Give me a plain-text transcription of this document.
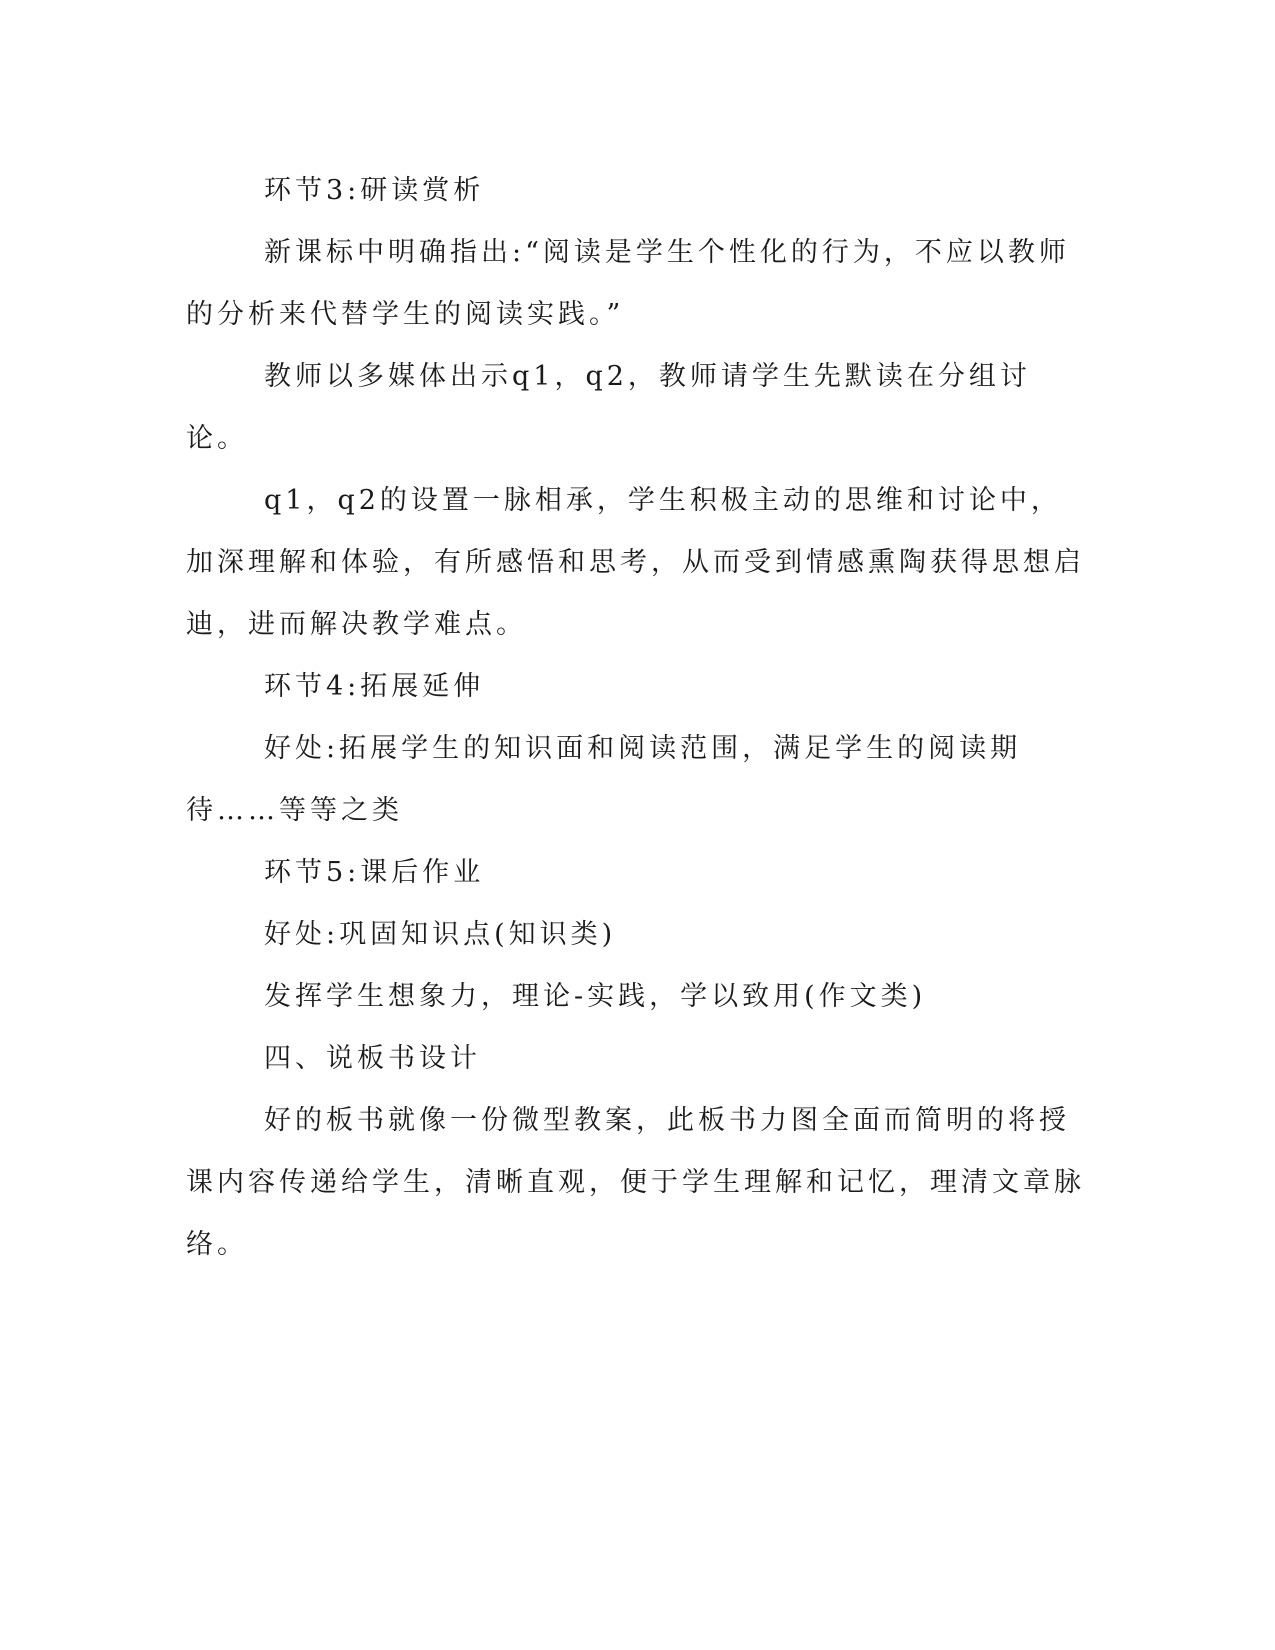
环节3:研读赏析

新课标中明确指出:“阅读是学生个性化的行为，不应以教师的分析来代替学生的阅读实践。”

教师以多媒体出示q1，q2，教师请学生先默读在分组讨论。

q1，q2的设置一脉相承，学生积极主动的思维和讨论中，加深理解和体验，有所感悟和思考，从而受到情感熏陶获得思想启迪，进而解决教学难点。

环节4:拓展延伸

好处:拓展学生的知识面和阅读范围，满足学生的阅读期待……等等之类

环节5:课后作业

好处:巩固知识点(知识类)

发挥学生想象力，理论-实践，学以致用(作文类)

四、说板书设计

好的板书就像一份微型教案，此板书力图全面而简明的将授课内容传递给学生，清晰直观，便于学生理解和记忆，理清文章脉络。
